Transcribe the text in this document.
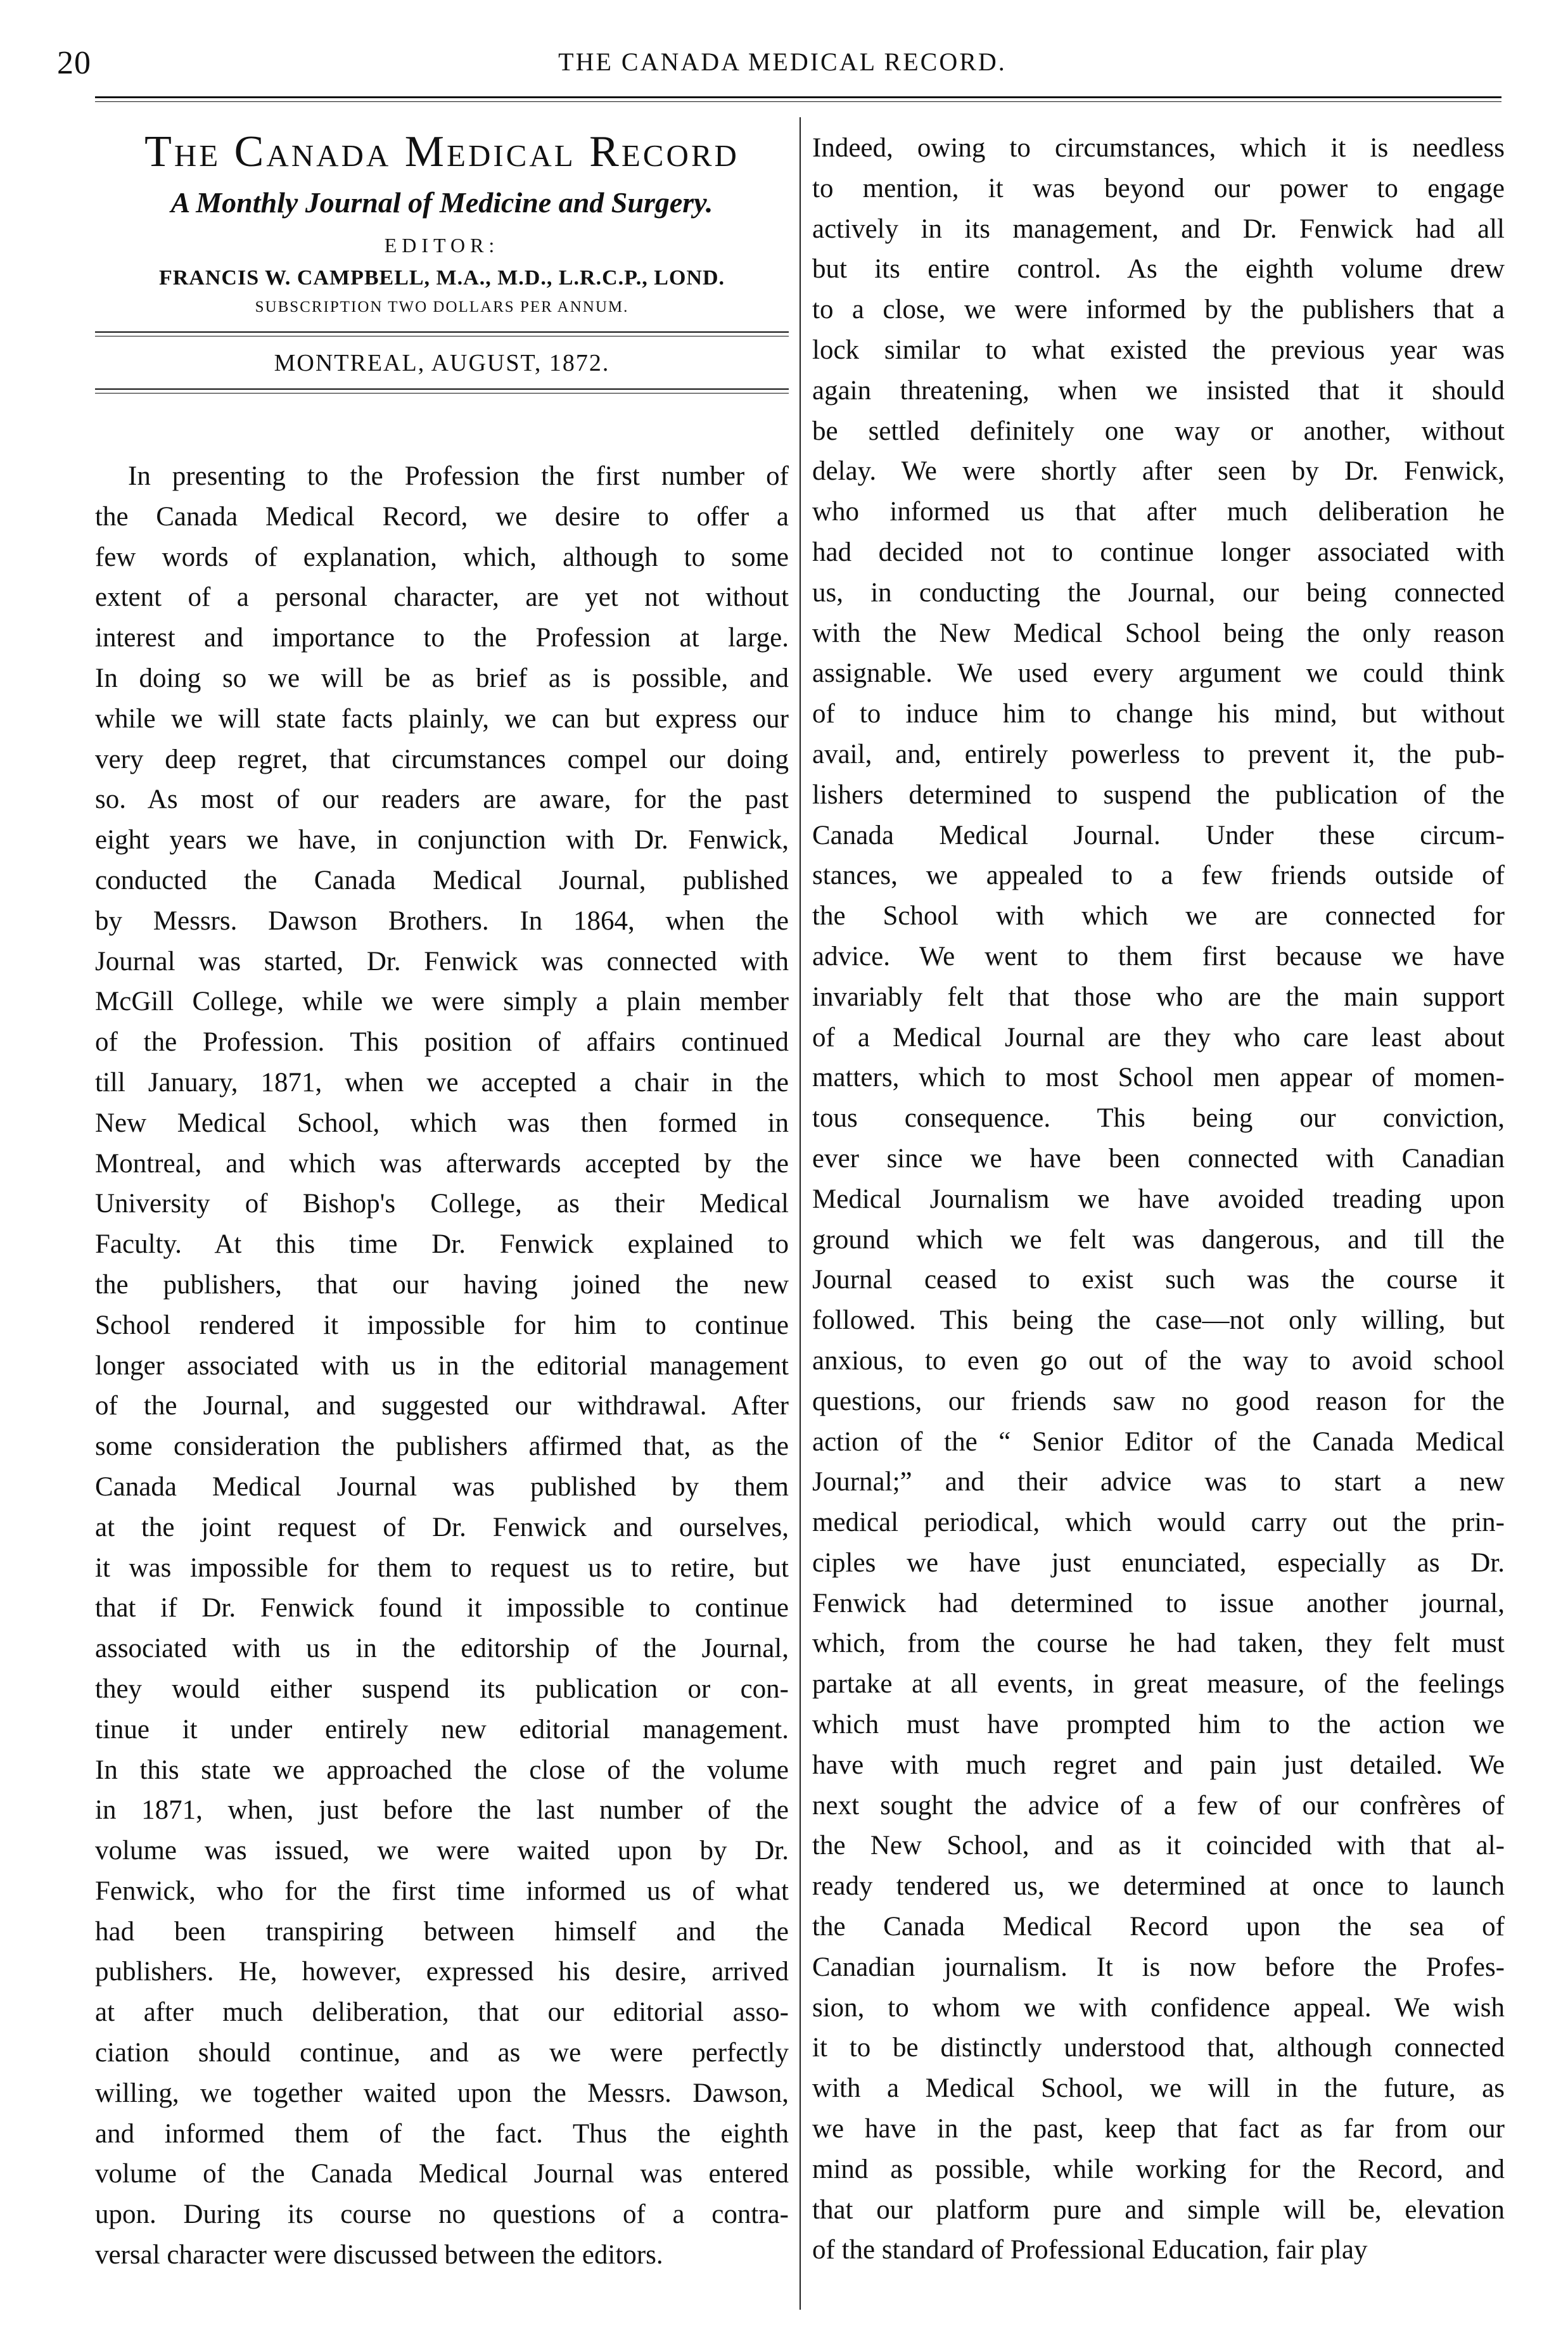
20	THE CANADA MEDICAL RECORD.
The Canada Medical Record
A Monthly Journal of Medicine and Surgery.
EDITOR:
FRANCIS W. CAMPBELL, M.A., M.D., L.R.C.P., LOND.
SUBSCRIPTION TWO DOLLARS PER ANNUM.
MONTREAL, AUGUST, 1872.
In presenting to the Profession the first number of
the Canada Medical Record, we desire to offer a
few words of explanation, which, although to some
extent of a personal character, are yet not without
interest and importance to the Profession at large.
In doing so we will be as brief as is possible, and
while we will state facts plainly, we can but express our
very deep regret, that circumstances compel our doing
so. As most of our readers are aware, for the past
eight years we have, in conjunction with Dr. Fenwick,
conducted the Canada Medical Journal, published
by Messrs. Dawson Brothers. In 1864, when the
Journal was started, Dr. Fenwick was connected with
McGill College, while we were simply a plain member
of the Profession. This position of affairs continued
till January, 1871, when we accepted a chair in the
New Medical School, which was then formed in
Montreal, and which was afterwards accepted by the
University of Bishop's College, as their Medical
Faculty. At this time Dr. Fenwick explained to
the publishers, that our having joined the new
School rendered it impossible for him to continue
longer associated with us in the editorial management
of the Journal, and suggested our withdrawal. After
some consideration the publishers affirmed that, as the
Canada Medical Journal was published by them
at the joint request of Dr. Fenwick and ourselves,
it was impossible for them to request us to retire, but
that if Dr. Fenwick found it impossible to continue
associated with us in the editorship of the Journal,
they would either suspend its publication or con-
tinue it under entirely new editorial management.
In this state we approached the close of the volume
in 1871, when, just before the last number of the
volume was issued, we were waited upon by Dr.
Fenwick, who for the first time informed us of what
had been transpiring between himself and the
publishers. He, however, expressed his desire, arrived
at after much deliberation, that our editorial asso-
ciation should continue, and as we were perfectly
willing, we together waited upon the Messrs. Dawson,
and informed them of the fact. Thus the eighth
volume of the Canada Medical Journal was entered
upon. During its course no questions of a contra-
versal character were discussed between the editors.
Indeed, owing to circumstances, which it is needless
to mention, it was beyond our power to engage
actively in its management, and Dr. Fenwick had all
but its entire control. As the eighth volume drew
to a close, we were informed by the publishers that a
lock similar to what existed the previous year was
again threatening, when we insisted that it should
be settled definitely one way or another, without
delay. We were shortly after seen by Dr. Fenwick,
who informed us that after much deliberation he
had decided not to continue longer associated with
us, in conducting the Journal, our being connected
with the New Medical School being the only reason
assignable. We used every argument we could think
of to induce him to change his mind, but without
avail, and, entirely powerless to prevent it, the pub-
lishers determined to suspend the publication of the
Canada Medical Journal. Under these circum-
stances, we appealed to a few friends outside of
the School with which we are connected for
advice. We went to them first because we have
invariably felt that those who are the main support
of a Medical Journal are they who care least about
matters, which to most School men appear of momen-
tous consequence. This being our conviction,
ever since we have been connected with Canadian
Medical Journalism we have avoided treading upon
ground which we felt was dangerous, and till the
Journal ceased to exist such was the course it
followed. This being the case—not only willing, but
anxious, to even go out of the way to avoid school
questions, our friends saw no good reason for the
action of the “ Senior Editor of the Canada Medical
Journal;” and their advice was to start a new
medical periodical, which would carry out the prin-
ciples we have just enunciated, especially as Dr.
Fenwick had determined to issue another journal,
which, from the course he had taken, they felt must
partake at all events, in great measure, of the feelings
which must have prompted him to the action we
have with much regret and pain just detailed. We
next sought the advice of a few of our confrères of
the New School, and as it coincided with that al-
ready tendered us, we determined at once to launch
the Canada Medical Record upon the sea of
Canadian journalism. It is now before the Profes-
sion, to whom we with confidence appeal. We wish
it to be distinctly understood that, although connected
with a Medical School, we will in the future, as
we have in the past, keep that fact as far from our
mind as possible, while working for the Record, and
that our platform pure and simple will be, elevation
of the standard of Professional Education, fair play
